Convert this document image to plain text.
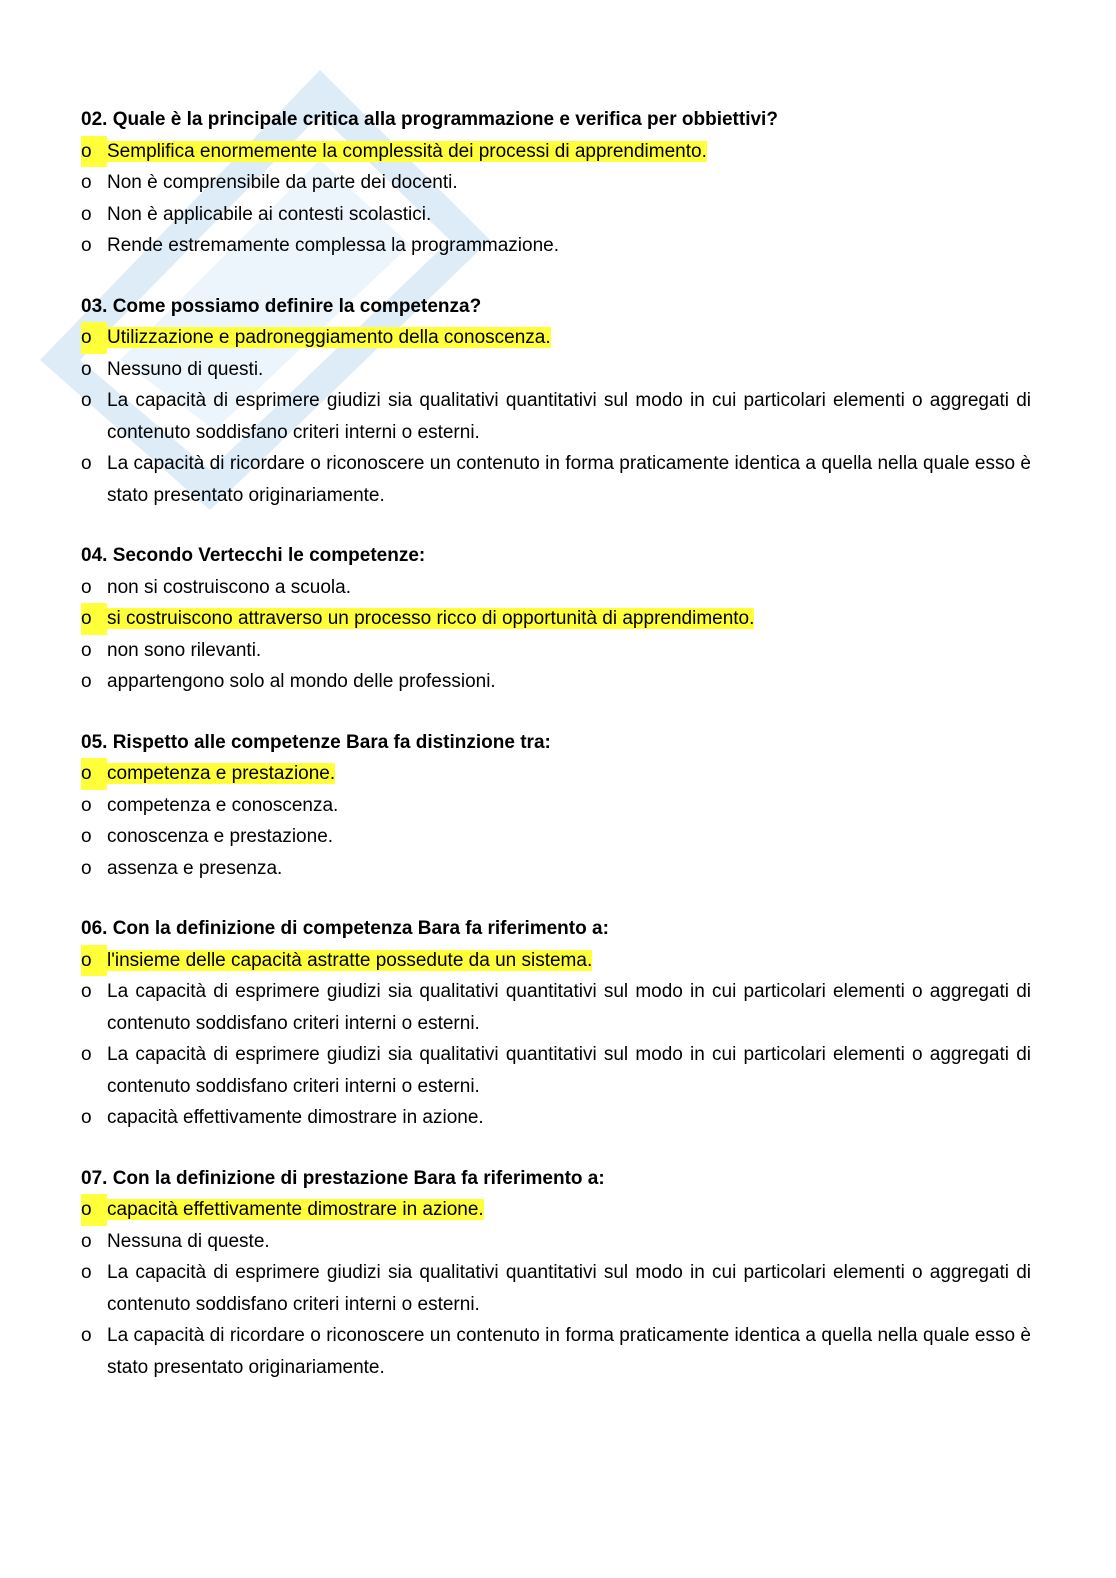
02. Quale è la principale critica alla programmazione e verifica per obbiettivi?
o Semplifica enormemente la complessità dei processi di apprendimento.
o Non è comprensibile da parte dei docenti.
o Non è applicabile ai contesti scolastici.
o Rende estremamente complessa la programmazione.
03. Come possiamo definire la competenza?
o Utilizzazione e padroneggiamento della conoscenza.
o Nessuno di questi.
o La capacità di esprimere giudizi sia qualitativi quantitativi sul modo in cui particolari elementi o aggregati di contenuto soddisfano criteri interni o esterni.
o La capacità di ricordare o riconoscere un contenuto in forma praticamente identica a quella nella quale esso è stato presentato originariamente.
04. Secondo Vertecchi le competenze:
o non si costruiscono a scuola.
o si costruiscono attraverso un processo ricco di opportunità di apprendimento.
o non sono rilevanti.
o appartengono solo al mondo delle professioni.
05. Rispetto alle competenze Bara fa distinzione tra:
o competenza e prestazione.
o competenza e conoscenza.
o conoscenza e prestazione.
o assenza e presenza.
06. Con la definizione di competenza Bara fa riferimento a:
o l'insieme delle capacità astratte possedute da un sistema.
o La capacità di esprimere giudizi sia qualitativi quantitativi sul modo in cui particolari elementi o aggregati di contenuto soddisfano criteri interni o esterni.
o La capacità di esprimere giudizi sia qualitativi quantitativi sul modo in cui particolari elementi o aggregati di contenuto soddisfano criteri interni o esterni.
o capacità effettivamente dimostrare in azione.
07. Con la definizione di prestazione Bara fa riferimento a:
o capacità effettivamente dimostrare in azione.
o Nessuna di queste.
o La capacità di esprimere giudizi sia qualitativi quantitativi sul modo in cui particolari elementi o aggregati di contenuto soddisfano criteri interni o esterni.
o La capacità di ricordare o riconoscere un contenuto in forma praticamente identica a quella nella quale esso è stato presentato originariamente.
